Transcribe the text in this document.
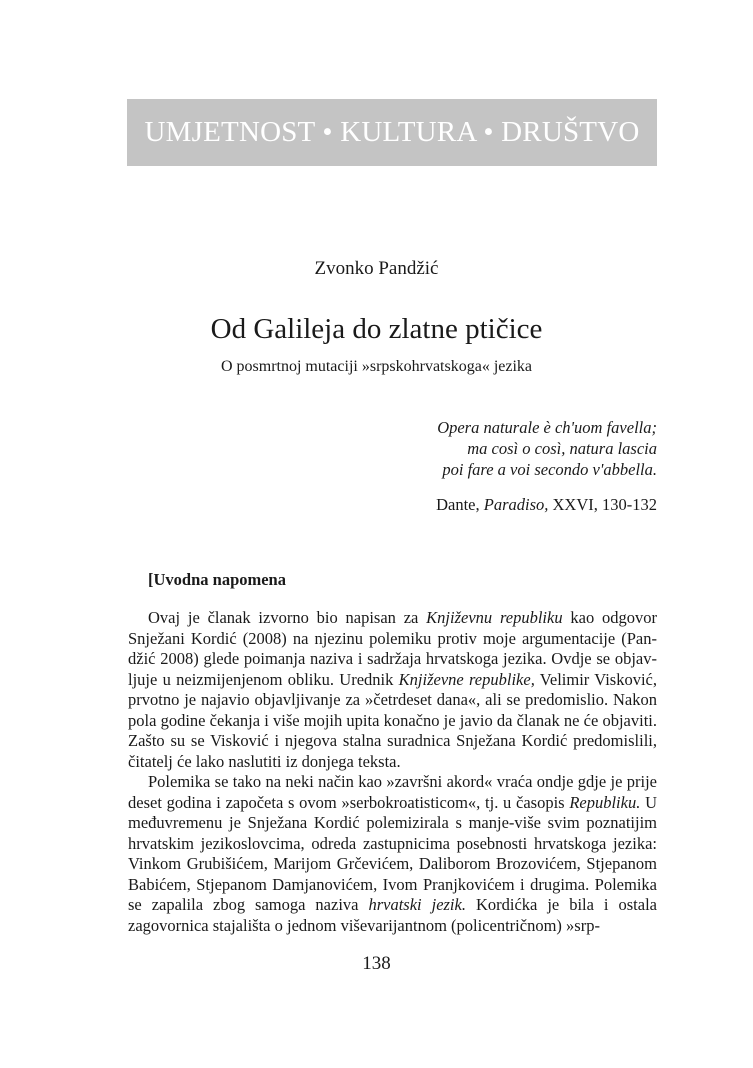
UMJETNOST • KULTURA • DRUŠTVO
Zvonko Pandžić
Od Galileja do zlatne ptičice
O posmrtnoj mutaciji »srpskohrvatskoga« jezika
Opera naturale è ch'uom favella;
ma così o così, natura lascia
poi fare a voi secondo v'abbella.
Dante, Paradiso, XXVI, 130-132
[Uvodna napomena

Ovaj je članak izvorno bio napisan za Književnu republiku kao odgovor Snježani Kordić (2008) na njezinu polemiku protiv moje argumentacije (Pandžić 2008) glede poimanja naziva i sadržaja hrvatskoga jezika. Ovdje se objavljuje u neizmijenjenom obliku. Urednik Književne republike, Velimir Visković, prvotno je najavio objavljivanje za »četrdeset dana«, ali se predomislio. Nakon pola godine čekanja i više mojih upita konačno je javio da članak ne će objaviti. Zašto su se Visković i njegova stalna suradnica Snježana Kordić predomislili, čitatelj će lako naslutiti iz donjega teksta.

Polemika se tako na neki način kao »završni akord« vraća ondje gdje je prije deset godina i započeta s ovom »serbokroatisticom«, tj. u časopis Republiku. U međuvremenu je Snježana Kordić polemizirala s manje-više svim poznatijim hrvatskim jezikoslovcima, odreda zastupnicima posebnosti hrvatskoga jezika: Vinkom Grubišićem, Marijom Grčevićem, Daliborom Brozovićem, Stjepanom Babićem, Stjepanom Damjanovićem, Ivom Pranjkovićem i drugima. Polemika se zapalila zbog samoga naziva hrvatski jezik. Kordićka je bila i ostala zagovornica stajališta o jednom viševarijantnom (policentričnom) »srp-

138
